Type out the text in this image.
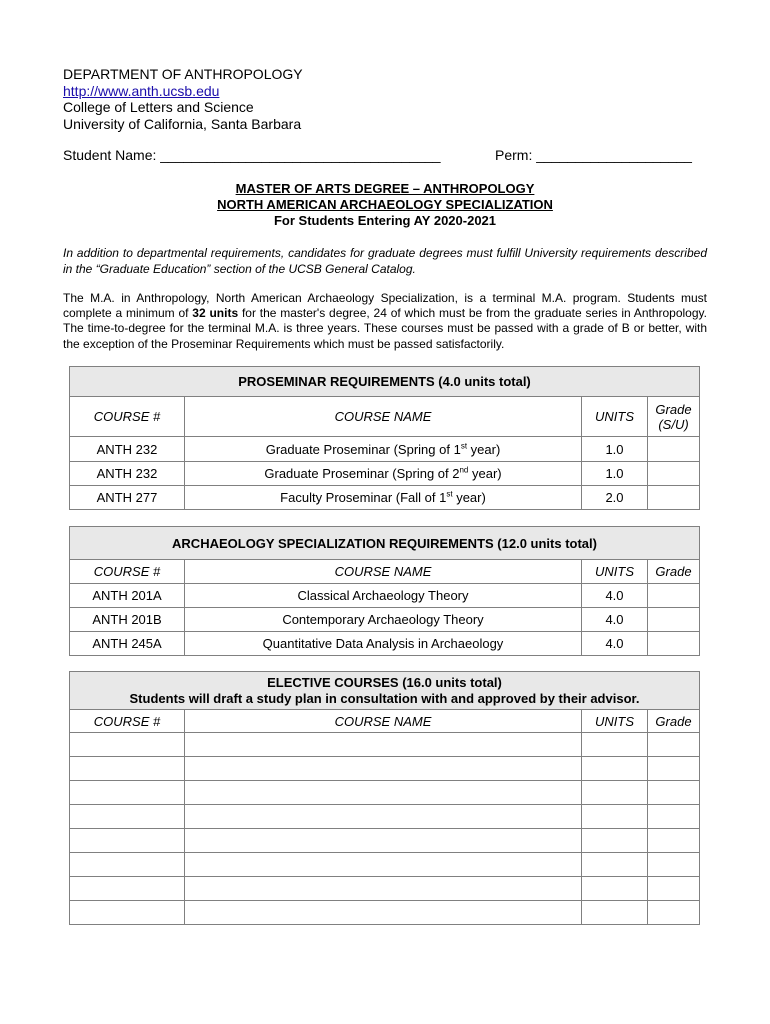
DEPARTMENT OF ANTHROPOLOGY
http://www.anth.ucsb.edu
College of Letters and Science
University of California, Santa Barbara
Student Name: ____________________________________	Perm: ____________________
MASTER OF ARTS DEGREE – ANTHROPOLOGY
NORTH AMERICAN ARCHAEOLOGY SPECIALIZATION
For Students Entering AY 2020-2021
In addition to departmental requirements, candidates for graduate degrees must fulfill University requirements described in the “Graduate Education” section of the UCSB General Catalog.
The M.A. in Anthropology, North American Archaeology Specialization, is a terminal M.A. program. Students must complete a minimum of 32 units for the master's degree, 24 of which must be from the graduate series in Anthropology. The time-to-degree for the terminal M.A. is three years. These courses must be passed with a grade of B or better, with the exception of the Proseminar Requirements which must be passed satisfactorily.
PROSEMINAR REQUIREMENTS (4.0 units total)			
COURSE #	COURSE NAME	UNITS	Grade
(S/U)

ANTH 232	Graduate Proseminar (Spring of 1st year)	1.0	
ANTH 232	Graduate Proseminar (Spring of 2nd year)	1.0	
ANTH 277	Faculty Proseminar (Fall of 1st year)	2.0	
ARCHAEOLOGY SPECIALIZATION REQUIREMENTS (12.0 units total)			
COURSE #	COURSE NAME	UNITS	Grade
ANTH 201A	Classical Archaeology Theory	4.0	
ANTH 201B	Contemporary Archaeology Theory	4.0	
ANTH 245A	Quantitative Data Analysis in Archaeology	4.0	
ELECTIVE COURSES (16.0 units total)
Students will draft a study plan in consultation with and approved by their advisor.			

COURSE #	COURSE NAME	UNITS	Grade
